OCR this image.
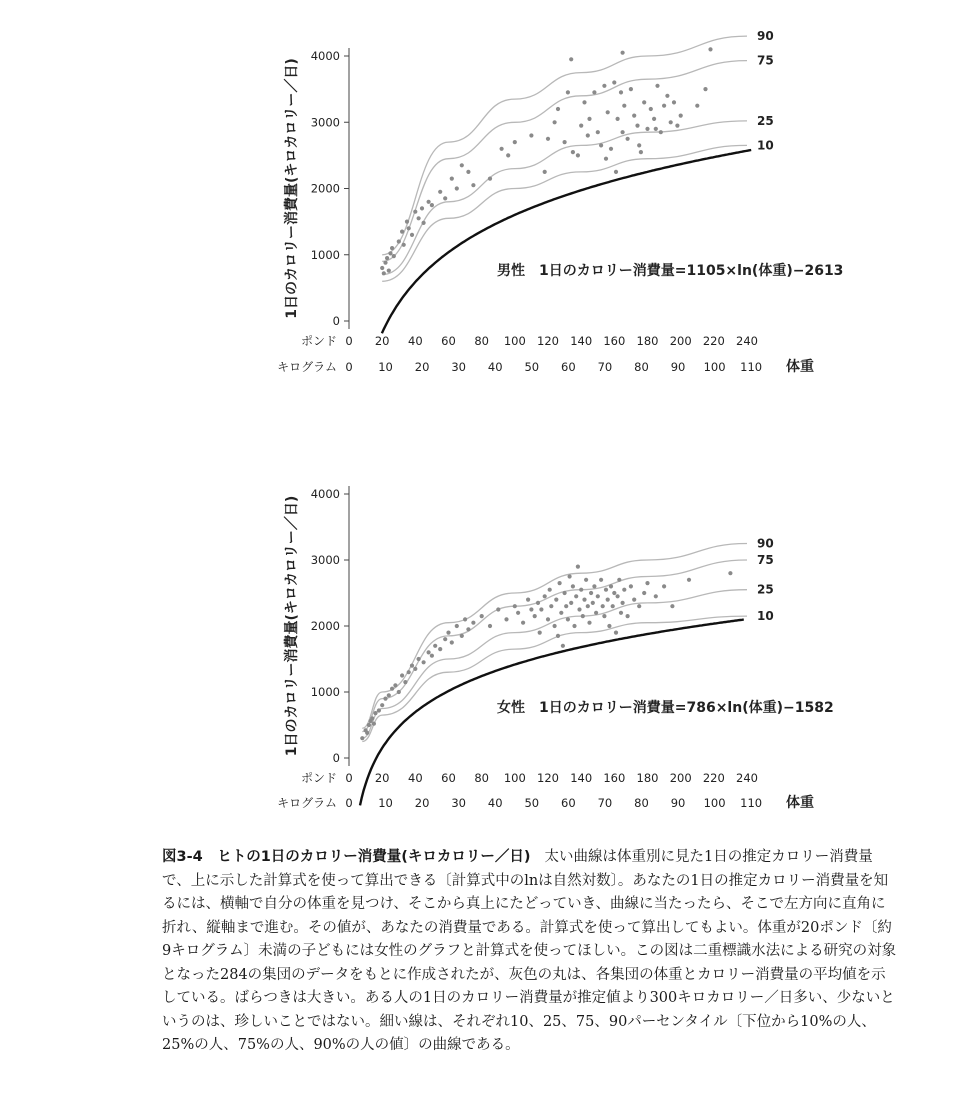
0
1000
2000
3000
4000
1日のカロリー消費量(キロカロリー／日)
ポンド 0 20 40 60 80 100 120 140 160 180 200 220 240
キログラム 0 10 20 30 40 50 60 70 80 90 100 110 体重
90
75
25
10
男性　1日のカロリー消費量=1105×ln(体重)−2613
0
1000
2000
3000
4000
1日のカロリー消費量(キロカロリー／日)
ポンド 0 20 40 60 80 100 120 140 160 180 200 220 240
キログラム 0 10 20 30 40 50 60 70 80 90 100 110 体重
90
75
25
10
女性　1日のカロリー消費量=786×ln(体重)−1582
図3-4　ヒトの1日のカロリー消費量(キロカロリー／日) 太い曲線は体重別に見た1日の推定カロリー消費量で、上に示した計算式を使って算出できる〔計算式中のlnは自然対数〕。あなたの1日の推定カロリー消費量を知るには、横軸で自分の体重を見つけ、そこから真上にたどっていき、曲線に当たったら、そこで左方向に直角に折れ、縦軸まで進む。その値が、あなたの消費量である。計算式を使って算出してもよい。体重が20ポンド〔約9キログラム〕未満の子どもには女性のグラフと計算式を使ってほしい。この図は二重標識水法による研究の対象となった284の集団のデータをもとに作成されたが、灰色の丸は、各集団の体重とカロリー消費量の平均値を示している。ばらつきは大きい。ある人の1日のカロリー消費量が推定値より300キロカロリー／日多い、少ないというのは、珍しいことではない。細い線は、それぞれ10、25、75、90パーセンタイル〔下位から10%の人、25%の人、75%の人、90%の人の値〕の曲線である。
